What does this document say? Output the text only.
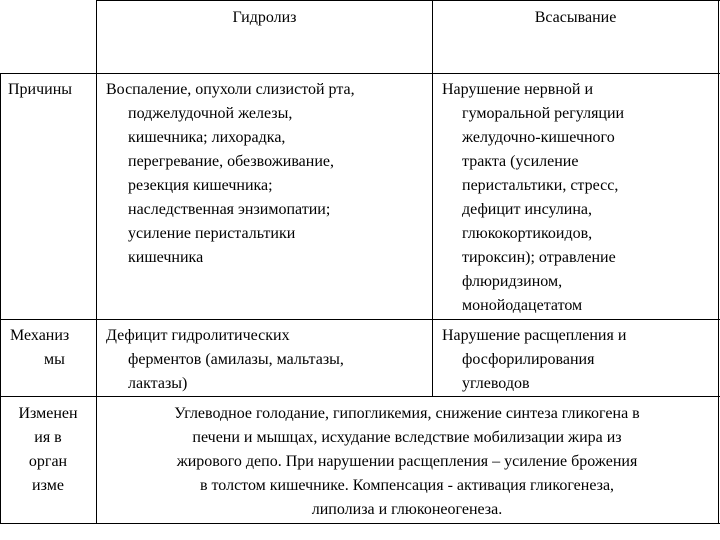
Гидролиз	Всасывание
Причины Воспаление, опухоли слизистой рта,
поджелудочной железы,
кишечника; лихорадка,
перегревание, обезвоживание,
резекция кишечника;
наследственная энзимопатии;
усиление перистальтики
кишечника
Нарушение нервной и
гуморальной регуляции
желудочно-кишечного
тракта (усиление
перистальтики, стресс,
дефицит инсулина,
глюкокортикоидов,
тироксин); отравление
флюридзином,
монойодацетатом
Механиз
мы
Дефицит гидролитических
ферментов (амилазы, мальтазы,
лактазы)
Нарушение расщепления и
фосфорилирования
углеводов
Изменен
ия в
орган
изме
Углеводное голодание, гипогликемия, снижение синтеза гликогена в
печени и мышцах, исхудание вследствие мобилизации жира из
жирового депо. При нарушении расщепления – усиление брожения
в толстом кишечнике. Компенсация - активация гликогенеза,
липолиза и глюконеогенеза.
